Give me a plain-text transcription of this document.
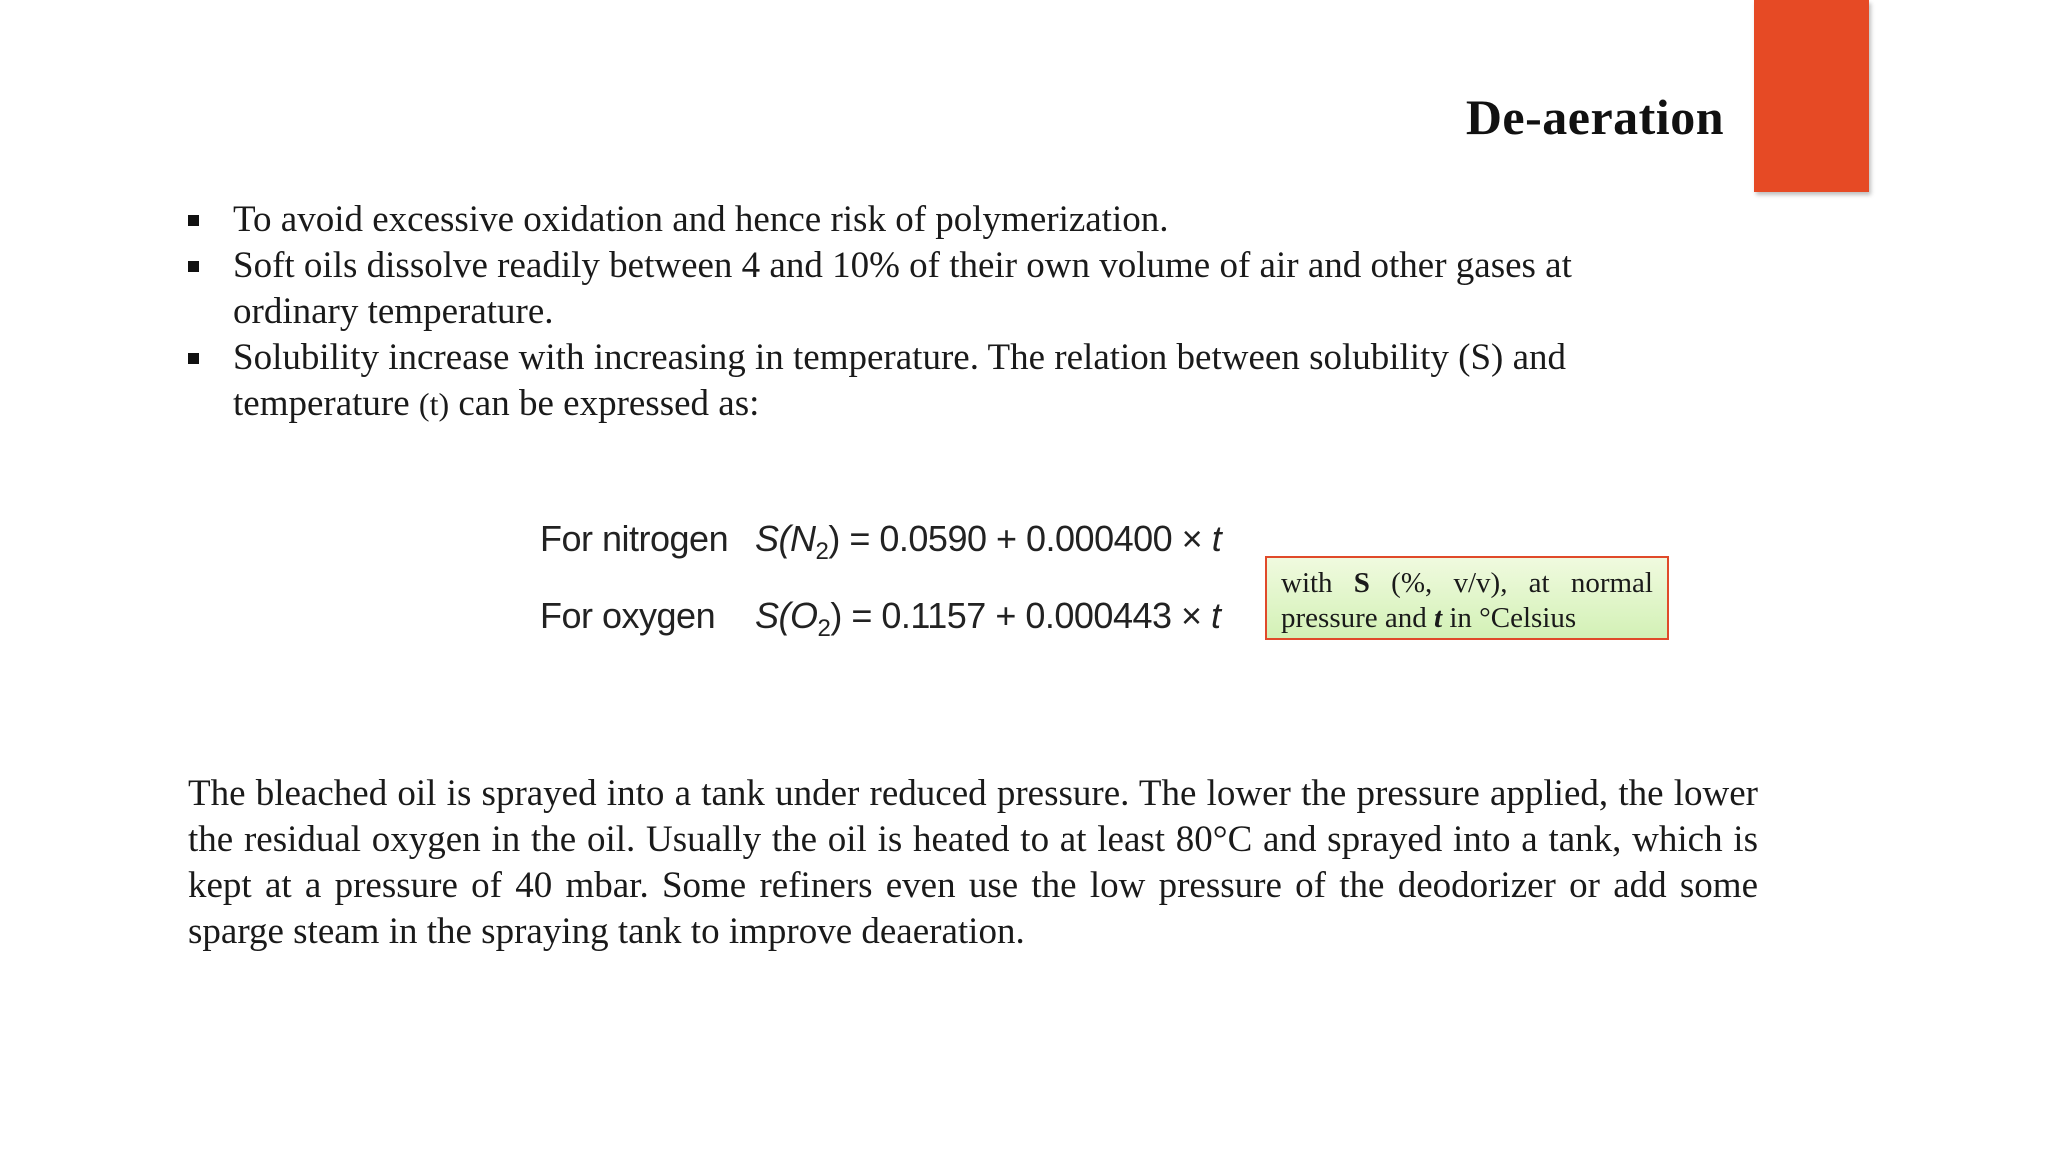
De-aeration
To avoid excessive oxidation and hence risk of polymerization.
Soft oils dissolve readily between 4 and 10% of their own volume of air and other gases at ordinary temperature.
Solubility increase with increasing in temperature. The relation between solubility (S) and temperature (t) can be expressed as:
For nitrogen $S(N_2) = 0.0590 + 0.000400 \times t$
For oxygen	$S(O_2) = 0.1157 + 0.000443 \times t$
with S (%, v/v), at normal pressure and t in °Celsius

The bleached oil is sprayed into a tank under reduced pressure. The lower the pressure applied, the lower the residual oxygen in the oil. Usually the oil is heated to at least 80°C and sprayed into a tank, which is kept at a pressure of 40 mbar. Some refiners even use the low pressure of the deodorizer or add some sparge steam in the spraying tank to improve deaeration.
